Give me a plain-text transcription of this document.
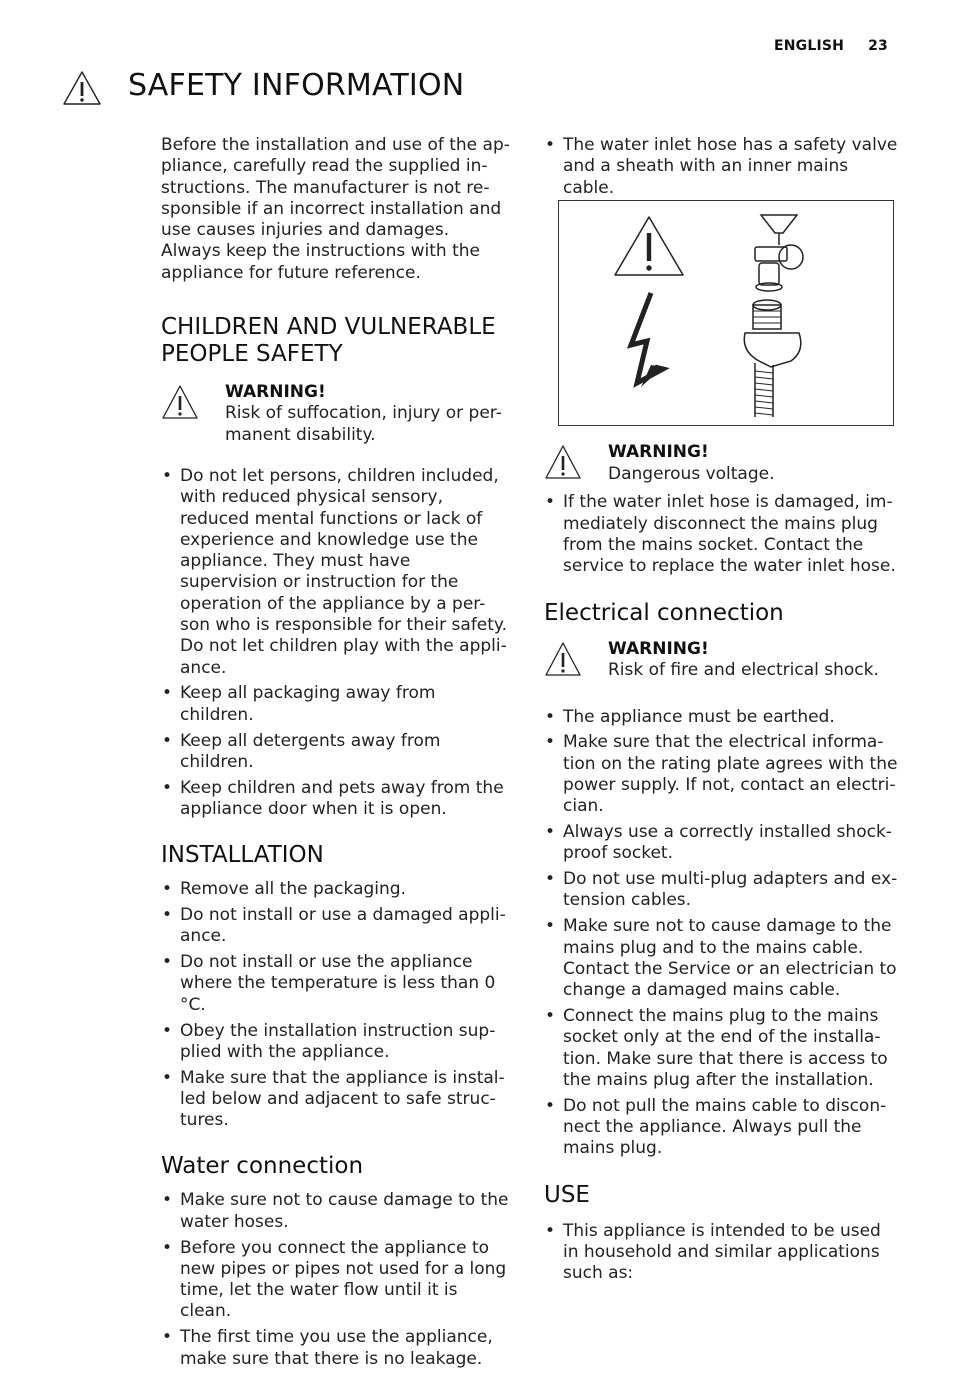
ENGLISH 23
SAFETY INFORMATION

Before the installation and use of the ap-pliance, carefully read the supplied in-structions. The manufacturer is not re-sponsible if an incorrect installation and use causes injuries and damages. Always keep the instructions with the appliance for future reference.

CHILDREN AND VULNERABLE PEOPLE SAFETY
WARNING!
Risk of suffocation, injury or per-manent disability.
• Do not let persons, children included, with reduced physical sensory, reduced mental functions or lack of experience and knowledge use the appliance. They must have supervision or instruction for the operation of the appliance by a per-son who is responsible for their safety. Do not let children play with the appli-ance.
• Keep all packaging away from children.
• Keep all detergents away from children.
• Keep children and pets away from the appliance door when it is open.
INSTALLATION
• Remove all the packaging.
• Do not install or use a damaged appli-ance.
• Do not install or use the appliance where the temperature is less than 0 °C.
• Obey the installation instruction sup-plied with the appliance.
• Make sure that the appliance is instal-led below and adjacent to safe struc-tures.
Water connection
• Make sure not to cause damage to the water hoses.
• Before you connect the appliance to new pipes or pipes not used for a long time, let the water flow until it is clean.
• The first time you use the appliance, make sure that there is no leakage.
• The water inlet hose has a safety valve and a sheath with an inner mains cable.
WARNING!
Dangerous voltage.
• If the water inlet hose is damaged, im-mediately disconnect the mains plug from the mains socket. Contact the service to replace the water inlet hose.
Electrical connection
WARNING!
Risk of fire and electrical shock.
• The appliance must be earthed.
• Make sure that the electrical informa-tion on the rating plate agrees with the power supply. If not, contact an electri-cian.
• Always use a correctly installed shock-proof socket.
• Do not use multi-plug adapters and ex-tension cables.
• Make sure not to cause damage to the mains plug and to the mains cable. Contact the Service or an electrician to change a damaged mains cable.
• Connect the mains plug to the mains socket only at the end of the installa-tion. Make sure that there is access to the mains plug after the installation.
• Do not pull the mains cable to discon-nect the appliance. Always pull the mains plug.
USE
• This appliance is intended to be used in household and similar applications such as:
